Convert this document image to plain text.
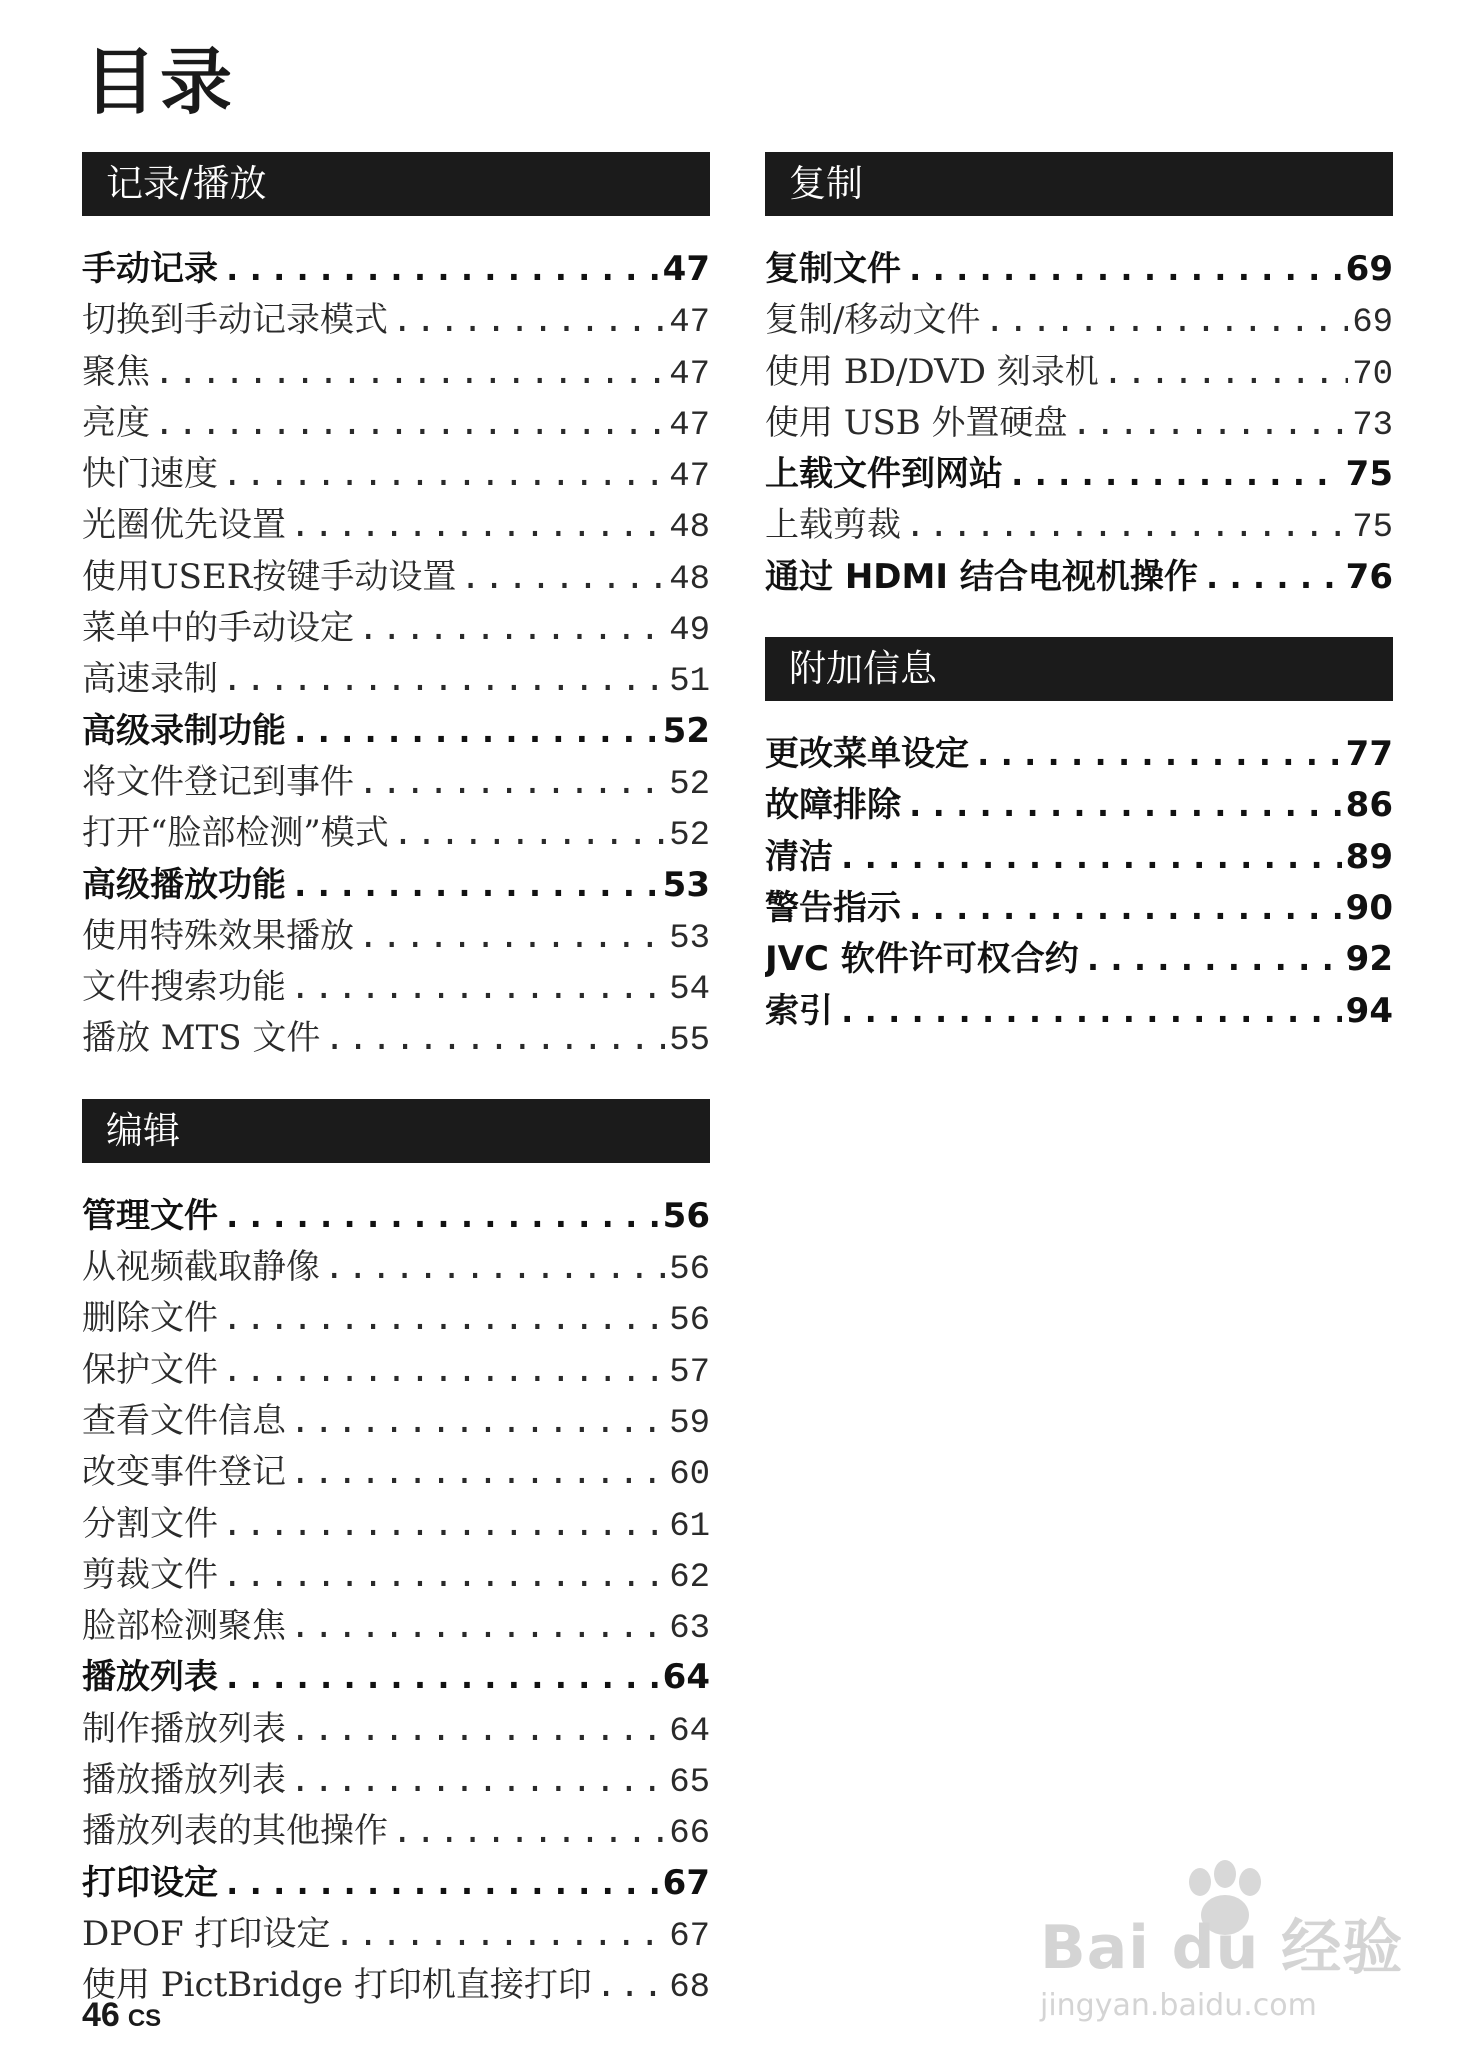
目录
记录/播放
手动记录 .....	47
切换到手动记录模式 .....	47
聚焦 .....	47
亮度 .....	47
快门速度 .....	47
光圈优先设置 .....	48
使用USER按键手动设置 .....	48
菜单中的手动设定 .....	49
高速录制 .....	51
高级录制功能 .....	52
将文件登记到事件 .....	52
打开“脸部检测”模式 .....	52
高级播放功能 .....	53
使用特殊效果播放 .....	53
文件搜索功能 .....	54
播放 MTS 文件 .....	55
编辑
管理文件 .....	56
从视频截取静像 .....	56
删除文件 .....	56
保护文件 .....	57
查看文件信息 .....	59
改变事件登记 .....	60
分割文件 .....	61
剪裁文件 .....	62
脸部检测聚焦 .....	63
播放列表 .....	64
制作播放列表 .....	64
播放播放列表 .....	65
播放列表的其他操作 .....	66
打印设定 .....	67
DPOF 打印设定 .....	67
使用 PictBridge 打印机直接打印 ..... 68
复制
复制文件 .....	69
复制/移动文件 .....	69
使用 BD/DVD 刻录机 .....	70
使用 USB 外置硬盘 .....	73
上载文件到网站 .....	75
上载剪裁 .....	75
通过 HDMI 结合电视机操作 .....	76
附加信息
更改菜单设定 .....	77
故障排除 .....	86
清洁 .....	89
警告指示 .....	90
JVC 软件许可权合约 .....	92
索引 .....	94
46 CS
Bai du 经验
jingyan.baidu.com
